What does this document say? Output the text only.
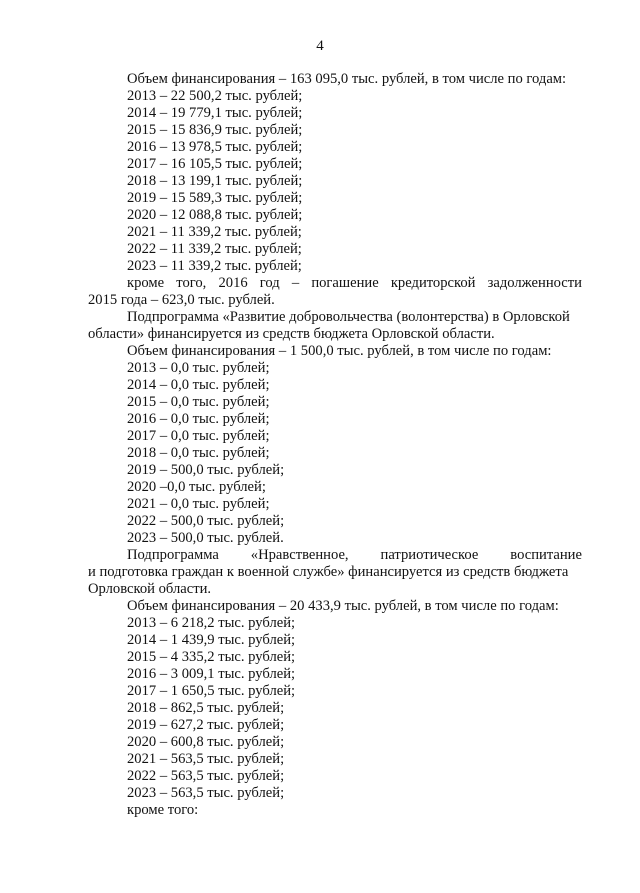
4
Объем финансирования – 163 095,0 тыс. рублей, в том числе по годам:
2013 – 22 500,2 тыс. рублей;
2014 – 19 779,1 тыс. рублей;
2015 – 15 836,9 тыс. рублей;
2016 – 13 978,5 тыс. рублей;
2017 – 16 105,5 тыс. рублей;
2018 – 13 199,1 тыс. рублей;
2019 – 15 589,3 тыс. рублей;
2020 – 12 088,8 тыс. рублей;
2021 – 11 339,2 тыс. рублей;
2022 – 11 339,2 тыс. рублей;
2023 – 11 339,2 тыс. рублей;
кроме того, 2016 год – погашение кредиторской задолженности
2015 года – 623,0 тыс. рублей.
Подпрограмма «Развитие добровольчества (волонтерства) в Орловской
области» финансируется из средств бюджета Орловской области.
Объем финансирования – 1 500,0 тыс. рублей, в том числе по годам:
2013 – 0,0 тыс. рублей;
2014 – 0,0 тыс. рублей;
2015 – 0,0 тыс. рублей;
2016 – 0,0 тыс. рублей;
2017 – 0,0 тыс. рублей;
2018 – 0,0 тыс. рублей;
2019 – 500,0 тыс. рублей;
2020 –0,0 тыс. рублей;
2021 – 0,0 тыс. рублей;
2022 – 500,0 тыс. рублей;
2023 – 500,0 тыс. рублей.
Подпрограмма «Нравственное, патриотическое воспитание
и подготовка граждан к военной службе» финансируется из средств бюджета
Орловской области.
Объем финансирования – 20 433,9 тыс. рублей, в том числе по годам:
2013 – 6 218,2 тыс. рублей;
2014 – 1 439,9 тыс. рублей;
2015 – 4 335,2 тыс. рублей;
2016 – 3 009,1 тыс. рублей;
2017 – 1 650,5 тыс. рублей;
2018 – 862,5 тыс. рублей;
2019 – 627,2 тыс. рублей;
2020 – 600,8 тыс. рублей;
2021 – 563,5 тыс. рублей;
2022 – 563,5 тыс. рублей;
2023 – 563,5 тыс. рублей;
кроме того:
